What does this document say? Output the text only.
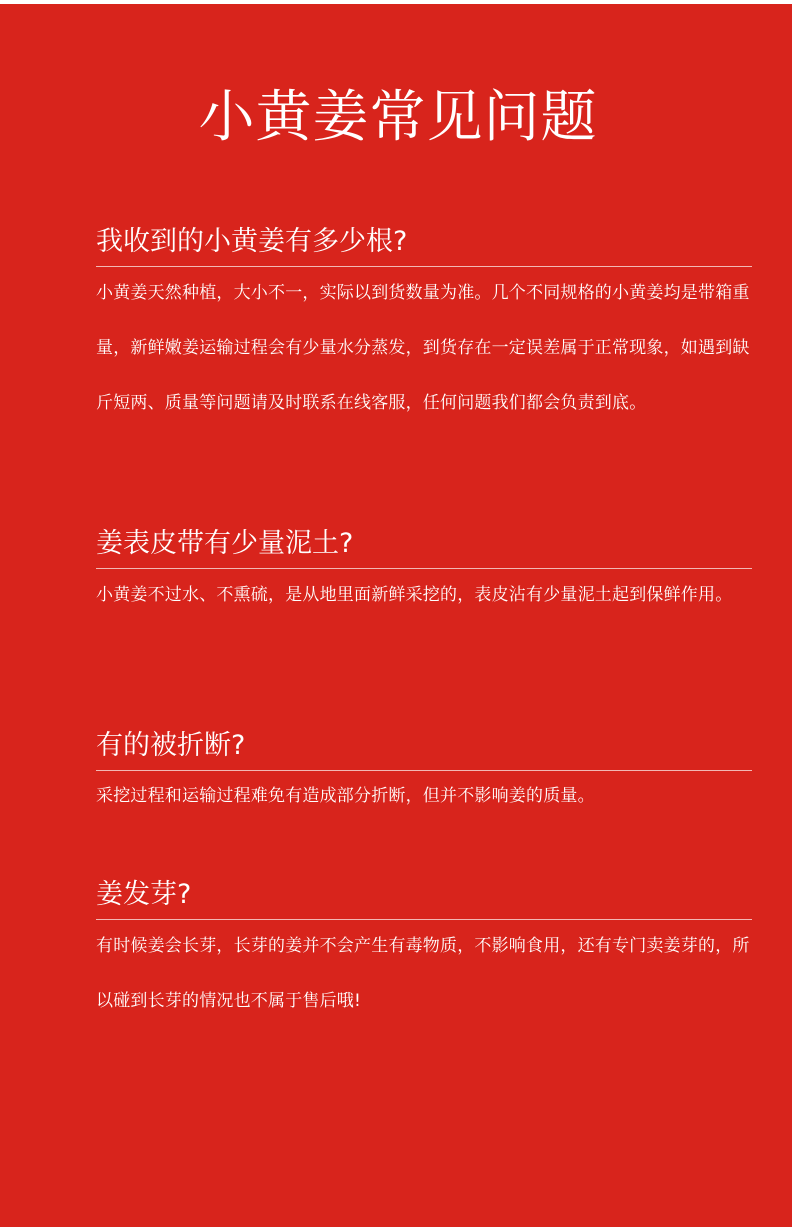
小黄姜常见问题
我收到的小黄姜有多少根?

小黄姜天然种植，大小不一，实际以到货数量为准。几个不同规格的小黄姜均是带箱重量，新鲜嫩姜运输过程会有少量水分蒸发，到货存在一定误差属于正常现象，如遇到缺斤短两、质量等问题请及时联系在线客服，任何问题我们都会负责到底。

姜表皮带有少量泥土?

小黄姜不过水、不熏硫，是从地里面新鲜采挖的，表皮沾有少量泥土起到保鲜作用。

有的被折断?

采挖过程和运输过程难免有造成部分折断，但并不影响姜的质量。

姜发芽?

有时候姜会长芽，长芽的姜并不会产生有毒物质，不影响食用，还有专门卖姜芽的，所以碰到长芽的情况也不属于售后哦!
